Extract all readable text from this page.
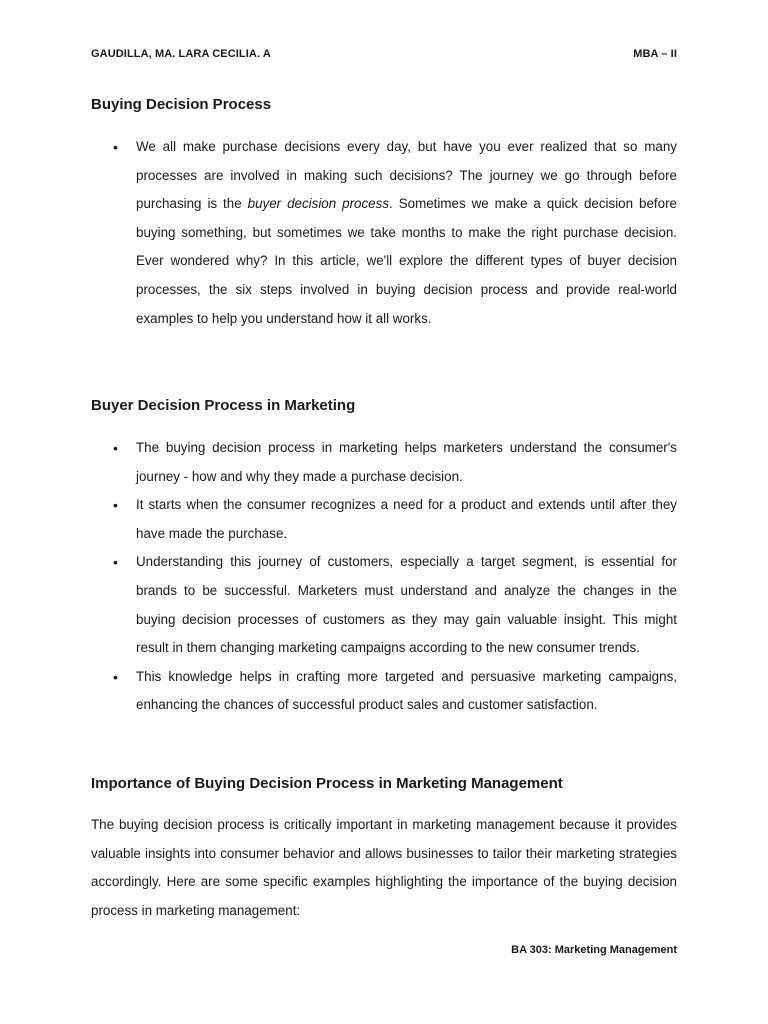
GAUDILLA, MA. LARA CECILIA. A	MBA – II
Buying Decision Process
• We all make purchase decisions every day, but have you ever realized that so many processes are involved in making such decisions? The journey we go through before purchasing is the buyer decision process. Sometimes we make a quick decision before buying something, but sometimes we take months to make the right purchase decision. Ever wondered why? In this article, we'll explore the different types of buyer decision processes, the six steps involved in buying decision process and provide real-world examples to help you understand how it all works.
Buyer Decision Process in Marketing
• The buying decision process in marketing helps marketers understand the consumer's journey - how and why they made a purchase decision.
• It starts when the consumer recognizes a need for a product and extends until after they have made the purchase.
• Understanding this journey of customers, especially a target segment, is essential for brands to be successful. Marketers must understand and analyze the changes in the buying decision processes of customers as they may gain valuable insight. This might result in them changing marketing campaigns according to the new consumer trends.
• This knowledge helps in crafting more targeted and persuasive marketing campaigns, enhancing the chances of successful product sales and customer satisfaction.
Importance of Buying Decision Process in Marketing Management

The buying decision process is critically important in marketing management because it provides valuable insights into consumer behavior and allows businesses to tailor their marketing strategies accordingly. Here are some specific examples highlighting the importance of the buying decision process in marketing management:

BA 303: Marketing Management
